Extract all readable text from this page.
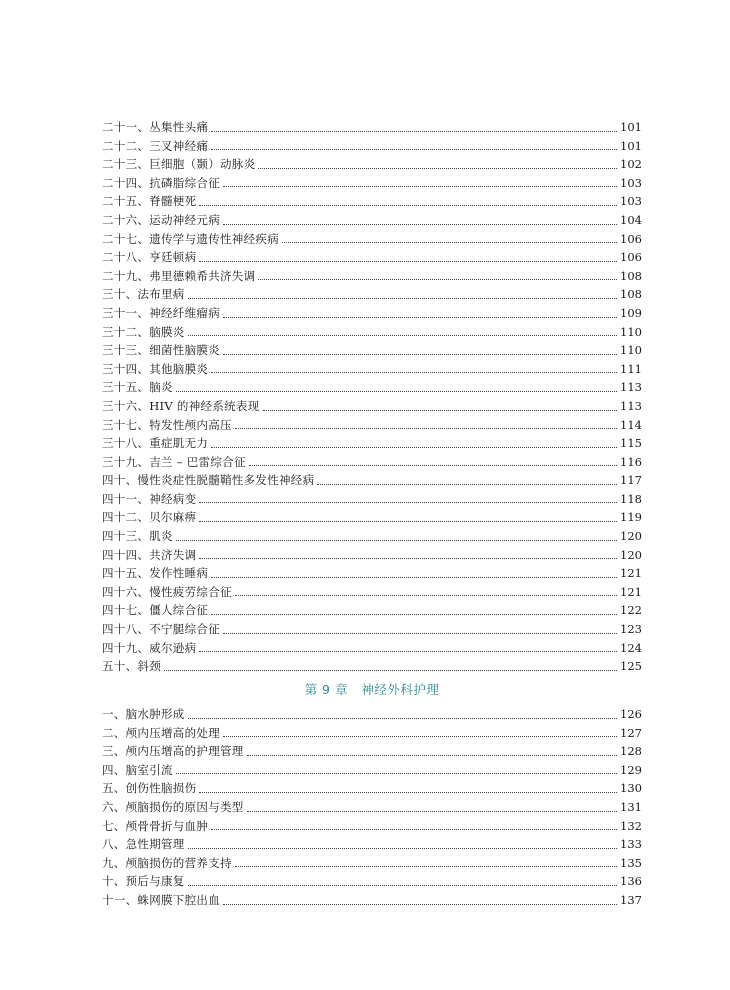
二十一、丛集性头痛	101
二十二、三叉神经痛	101
二十三、巨细胞（颞）动脉炎	102
二十四、抗磷脂综合征	103
二十五、脊髓梗死	103
二十六、运动神经元病	104
二十七、遗传学与遗传性神经疾病	106
二十八、亨廷顿病	106
二十九、弗里德赖希共济失调	108
三十、法布里病	108
三十一、神经纤维瘤病	109
三十二、脑膜炎	110
三十三、细菌性脑膜炎	110
三十四、其他脑膜炎	111
三十五、脑炎	113
三十六、HIV 的神经系统表现	113
三十七、特发性颅内高压	114
三十八、重症肌无力	115
三十九、吉兰 – 巴雷综合征	116
四十、慢性炎症性脱髓鞘性多发性神经病	117
四十一、神经病变	118
四十二、贝尔麻痹	119
四十三、肌炎	120
四十四、共济失调	120
四十五、发作性睡病	121
四十六、慢性疲劳综合征	121
四十七、僵人综合征	122
四十八、不宁腿综合征	123
四十九、威尔逊病	124
五十、斜颈	125
第 9 章 神经外科护理
一、脑水肿形成	126
二、颅内压增高的处理	127
三、颅内压增高的护理管理	128
四、脑室引流	129
五、创伤性脑损伤	130
六、颅脑损伤的原因与类型	131
七、颅骨骨折与血肿	132
八、急性期管理	133
九、颅脑损伤的营养支持	135
十、预后与康复	136
十一、蛛网膜下腔出血	137
